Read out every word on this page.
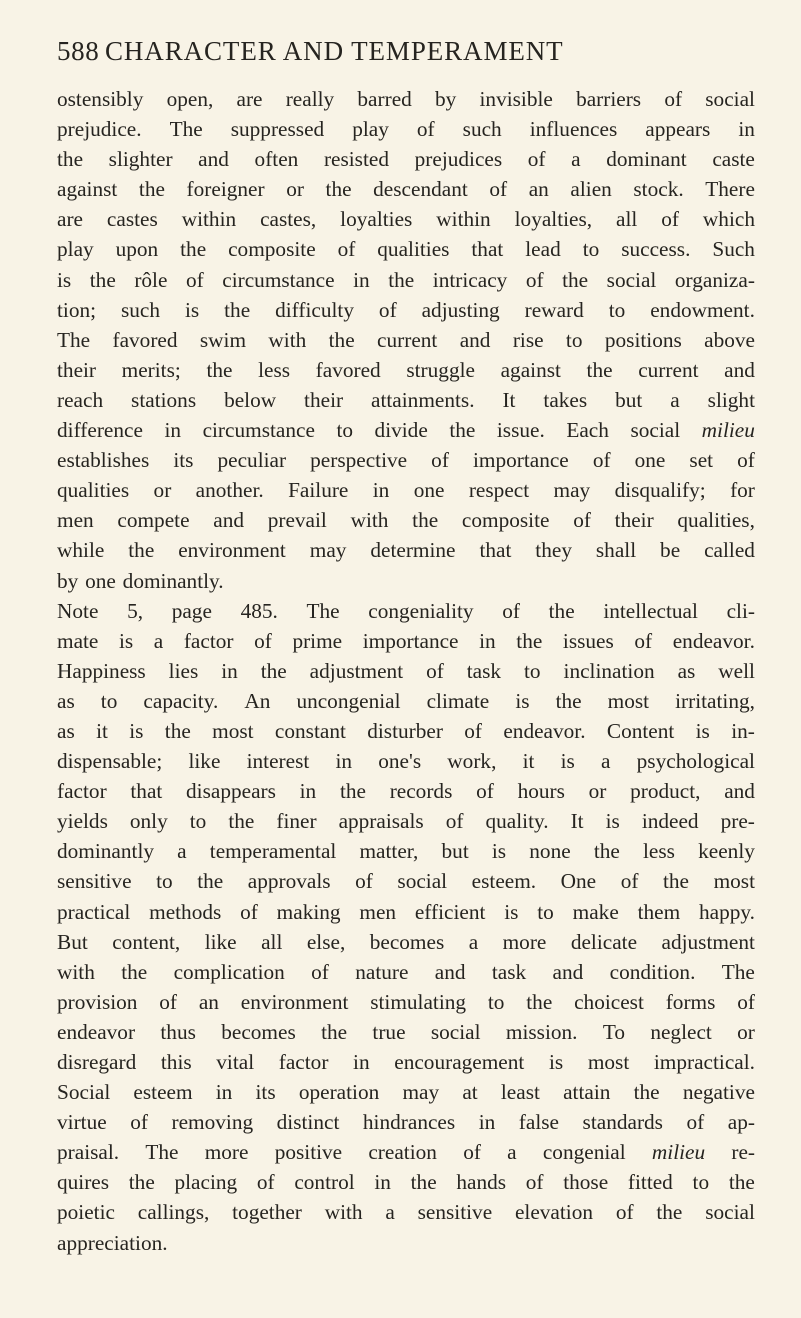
588 CHARACTER AND TEMPERAMENT
ostensibly open, are really barred by invisible barriers of social
prejudice. The suppressed play of such influences appears in
the slighter and often resisted prejudices of a dominant caste
against the foreigner or the descendant of an alien stock. There
are castes within castes, loyalties within loyalties, all of which
play upon the composite of qualities that lead to success. Such
is the rôle of circumstance in the intricacy of the social organiza-
tion; such is the difficulty of adjusting reward to endowment.
The favored swim with the current and rise to positions above
their merits; the less favored struggle against the current and
reach stations below their attainments. It takes but a slight
difference in circumstance to divide the issue. Each social milieu
establishes its peculiar perspective of importance of one set of
qualities or another. Failure in one respect may disqualify; for
men compete and prevail with the composite of their qualities,
while the environment may determine that they shall be called
by one dominantly.
Note 5, page 485. The congeniality of the intellectual cli-
mate is a factor of prime importance in the issues of endeavor.
Happiness lies in the adjustment of task to inclination as well
as to capacity. An uncongenial climate is the most irritating,
as it is the most constant disturber of endeavor. Content is in-
dispensable; like interest in one's work, it is a psychological
factor that disappears in the records of hours or product, and
yields only to the finer appraisals of quality. It is indeed pre-
dominantly a temperamental matter, but is none the less keenly
sensitive to the approvals of social esteem. One of the most
practical methods of making men efficient is to make them happy.
But content, like all else, becomes a more delicate adjustment
with the complication of nature and task and condition. The
provision of an environment stimulating to the choicest forms of
endeavor thus becomes the true social mission. To neglect or
disregard this vital factor in encouragement is most impractical.
Social esteem in its operation may at least attain the negative
virtue of removing distinct hindrances in false standards of ap-
praisal. The more positive creation of a congenial milieu re-
quires the placing of control in the hands of those fitted to the
poietic callings, together with a sensitive elevation of the social
appreciation.
